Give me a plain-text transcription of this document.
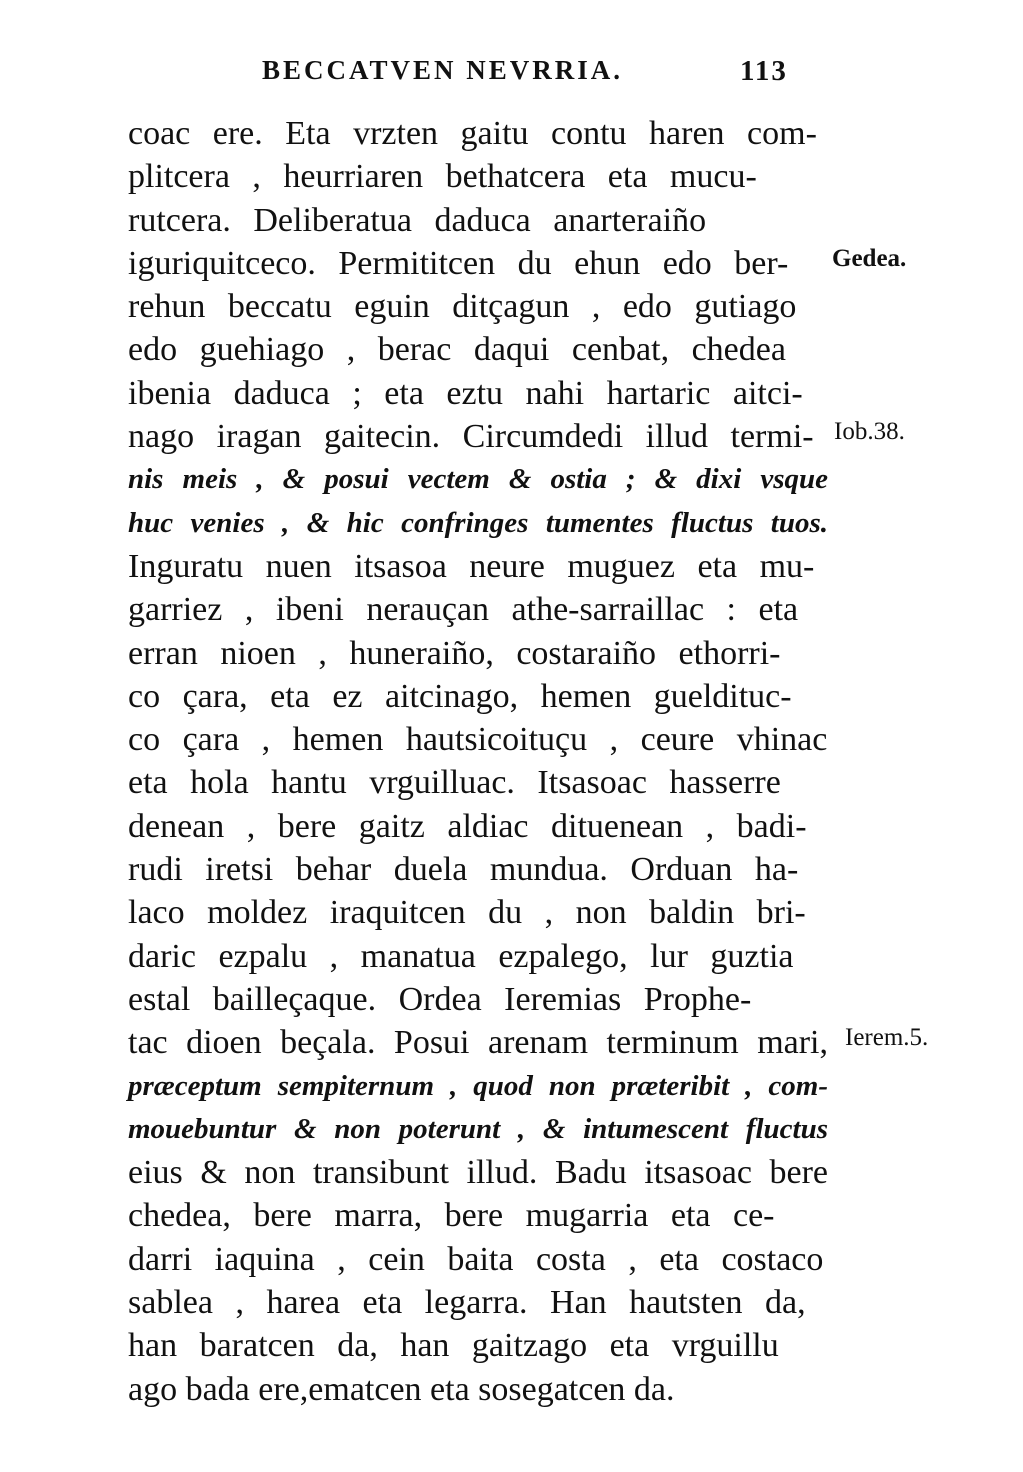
BECCATVEN NEVRRIA.	113
coac ere. Eta vrzten gaitu contu haren com-
plitcera , heurriaren bethatcera eta mucu-
rutcera. Deliberatua daduca anarteraiño
iguriquitceco. Permititcen du ehun edo ber-
rehun beccatu eguin ditçagun , edo gutiago
edo guehiago , berac daqui cenbat, chedea
ibenia daduca ; eta eztu nahi hartaric aitci-
nago iragan gaitecin. Circumdedi illud termi-
nis meis , & posui vectem & ostia ; & dixi vsque
huc venies , & hic confringes tumentes fluctus tuos.
Inguratu nuen itsasoa neure muguez eta mu-
garriez , ibeni nerauçan athe-sarraillac : eta
erran nioen , huneraiño, costaraiño ethorri-
co çara, eta ez aitcinago, hemen gueldituc-
co çara , hemen hautsicoituçu , ceure vhinac
eta hola hantu vrguilluac. Itsasoac hasserre
denean , bere gaitz aldiac dituenean , badi-
rudi iretsi behar duela mundua. Orduan ha-
laco moldez iraquitcen du , non baldin bri-
daric ezpalu , manatua ezpalego, lur guztia
estal bailleçaque. Ordea Ieremias Prophe-
tac dioen beçala. Posui arenam terminum mari,
præceptum sempiternum , quod non præteribit , com-
mouebuntur & non poterunt , & intumescent fluctus
eius & non transibunt illud. Badu itsasoac bere
chedea, bere marra, bere mugarria eta ce-
darri iaquina , cein baita costa , eta costaco
sablea , harea eta legarra. Han hautsten da,
han baratcen da, han gaitzago eta vrguillu
ago bada ere,ematcen eta sosegatcen da.
Gedea.
Iob.38.
Ierem.5.
